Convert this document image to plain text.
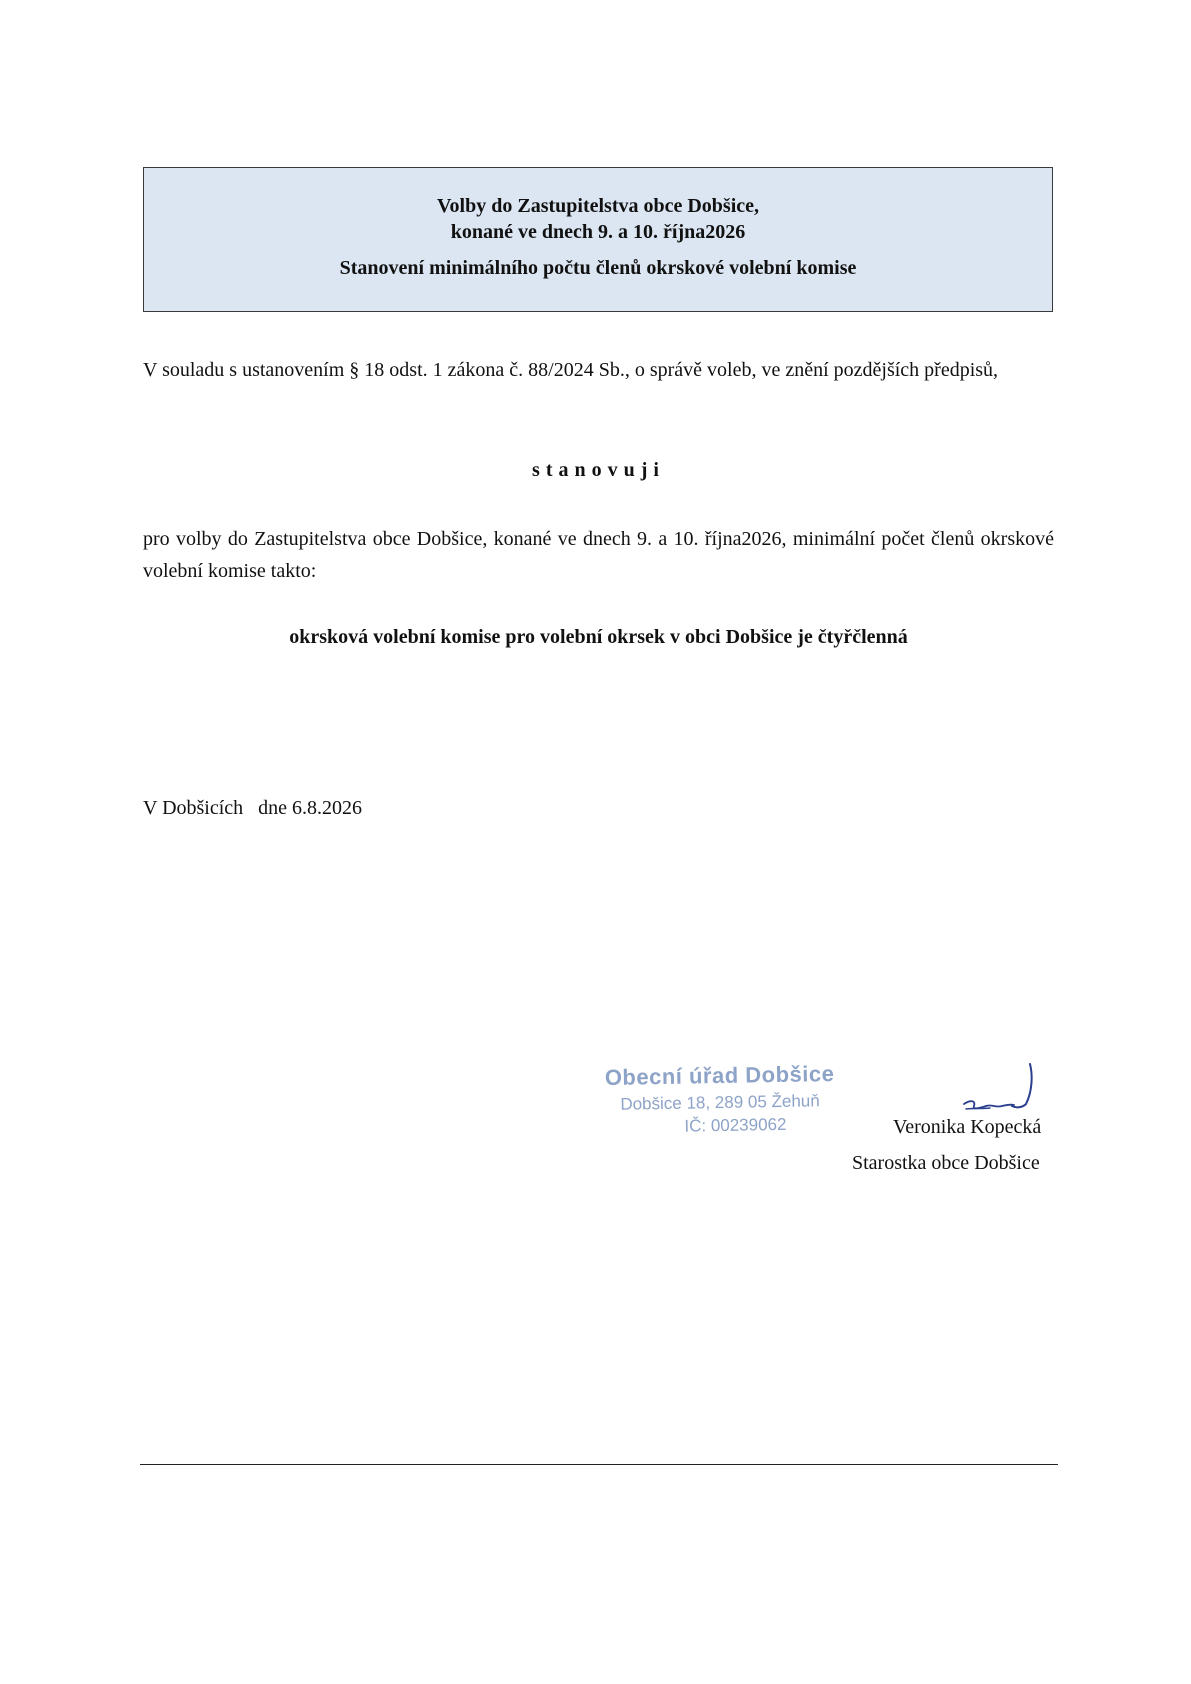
Volby do Zastupitelstva obce Dobšice,
konané ve dnech 9. a 10. října2026
Stanovení minimálního počtu členů okrskové volební komise
V souladu s ustanovením § 18 odst. 1 zákona č. 88/2024 Sb., o správě voleb, ve znění pozdějších předpisů,
stanovuji
pro volby do Zastupitelstva obce Dobšice, konané ve dnech 9. a 10. října2026, minimální počet členů okrskové volební komise takto:
okrsková volební komise pro volební okrsek v obci Dobšice je čtyřčlenná
V Dobšicích   dne 6.8.2026
Obecní úřad Dobšice
Dobšice 18, 289 05 Žehuň
IČ: 00239062	Veronika Kopecká
Starostka obce Dobšice
